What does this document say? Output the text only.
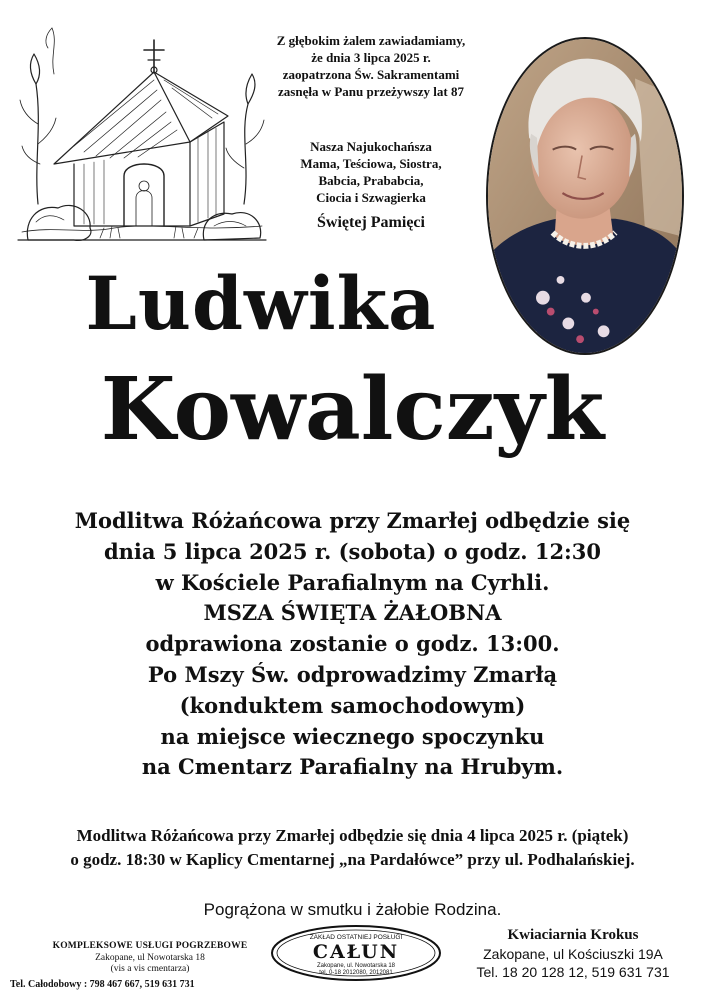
Z głębokim żalem zawiadamiamy,
że dnia 3 lipca 2025 r.
zaopatrzona Św. Sakramentami
zasnęła w Panu przeżywszy lat 87
Nasza Najukochańsza
Mama, Teściowa, Siostra,
Babcia, Prababcia,
Ciocia i Szwagierka
Świętej Pamięci
Ludwika
Kowalczyk
Modlitwa Różańcowa przy Zmarłej odbędzie się
dnia 5 lipca 2025 r. (sobota) o godz. 12:30
w Kościele Parafialnym na Cyrhli.
MSZA ŚWIĘTA ŻAŁOBNA
odprawiona zostanie o godz. 13:00.
Po Mszy Św. odprowadzimy Zmarłą
(konduktem samochodowym)
na miejsce wiecznego spoczynku
na Cmentarz Parafialny na Hrubym.
Modlitwa Różańcowa przy Zmarłej odbędzie się dnia 4 lipca 2025 r. (piątek)
o godz. 18:30 w Kaplicy Cmentarnej „na Pardałówce” przy ul. Podhalańskiej.
Pogrążona w smutku i żałobie Rodzina.
KOMPLEKSOWE USŁUGI POGRZEBOWE
Zakopane, ul Nowotarska 18
(vis a vis cmentarza)
Tel. Całodobowy : 798 467 667, 519 631 731
ZAKŁAD OSTATNIEJ POSŁUGI
CAŁUN
Zakopane, ul. Nowotarska 18
tel. 0-18 2012080, 2012081
Kwiaciarnia Krokus
Zakopane, ul Kościuszki 19A
Tel. 18 20 128 12, 519 631 731
